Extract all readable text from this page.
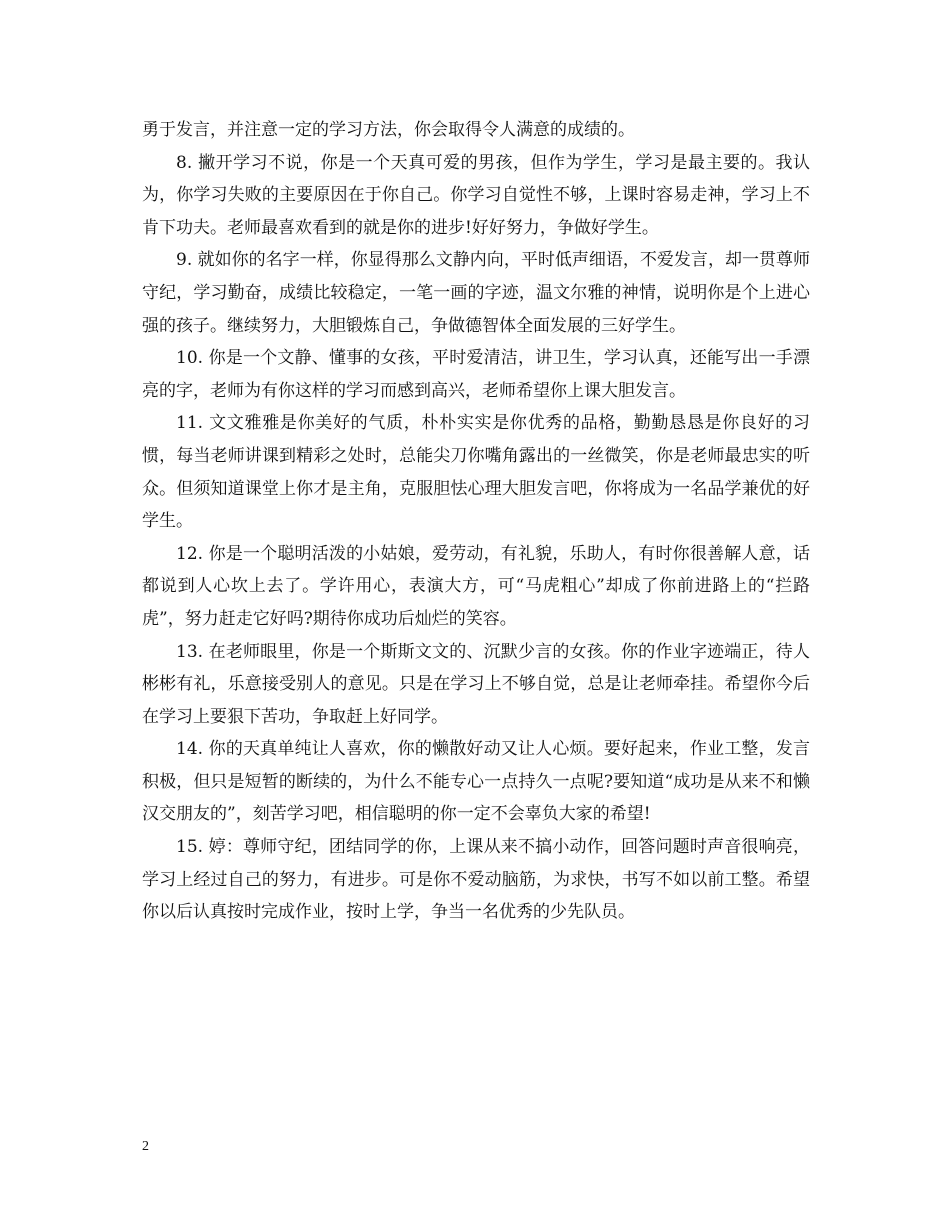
勇于发言，并注意一定的学习方法，你会取得令人满意的成绩的。

8. 撇开学习不说，你是一个天真可爱的男孩，但作为学生，学习是最主要的。我认为，你学习失败的主要原因在于你自己。你学习自觉性不够，上课时容易走神，学习上不肯下功夫。老师最喜欢看到的就是你的进步!好好努力，争做好学生。

9. 就如你的名字一样，你显得那么文静内向，平时低声细语，不爱发言，却一贯尊师守纪，学习勤奋，成绩比较稳定，一笔一画的字迹，温文尔雅的神情，说明你是个上进心强的孩子。继续努力，大胆锻炼自己，争做德智体全面发展的三好学生。

10. 你是一个文静、懂事的女孩，平时爱清洁，讲卫生，学习认真，还能写出一手漂亮的字，老师为有你这样的学习而感到高兴，老师希望你上课大胆发言。

11. 文文雅雅是你美好的气质，朴朴实实是你优秀的品格，勤勤恳恳是你良好的习惯，每当老师讲课到精彩之处时，总能尖刀你嘴角露出的一丝微笑，你是老师最忠实的听众。但须知道课堂上你才是主角，克服胆怯心理大胆发言吧，你将成为一名品学兼优的好学生。

12. 你是一个聪明活泼的小姑娘，爱劳动，有礼貌，乐助人，有时你很善解人意，话都说到人心坎上去了。学许用心，表演大方，可“马虎粗心”却成了你前进路上的“拦路虎”，努力赶走它好吗?期待你成功后灿烂的笑容。

13. 在老师眼里，你是一个斯斯文文的、沉默少言的女孩。你的作业字迹端正，待人彬彬有礼，乐意接受别人的意见。只是在学习上不够自觉，总是让老师牵挂。希望你今后在学习上要狠下苦功，争取赶上好同学。

14. 你的天真单纯让人喜欢，你的懒散好动又让人心烦。要好起来，作业工整，发言积极，但只是短暂的断续的，为什么不能专心一点持久一点呢?要知道“成功是从来不和懒汉交朋友的”，刻苦学习吧，相信聪明的你一定不会辜负大家的希望!

15. 婷：尊师守纪，团结同学的你，上课从来不搞小动作，回答问题时声音很响亮，学习上经过自己的努力，有进步。可是你不爱动脑筋，为求快，书写不如以前工整。希望你以后认真按时完成作业，按时上学，争当一名优秀的少先队员。

2
